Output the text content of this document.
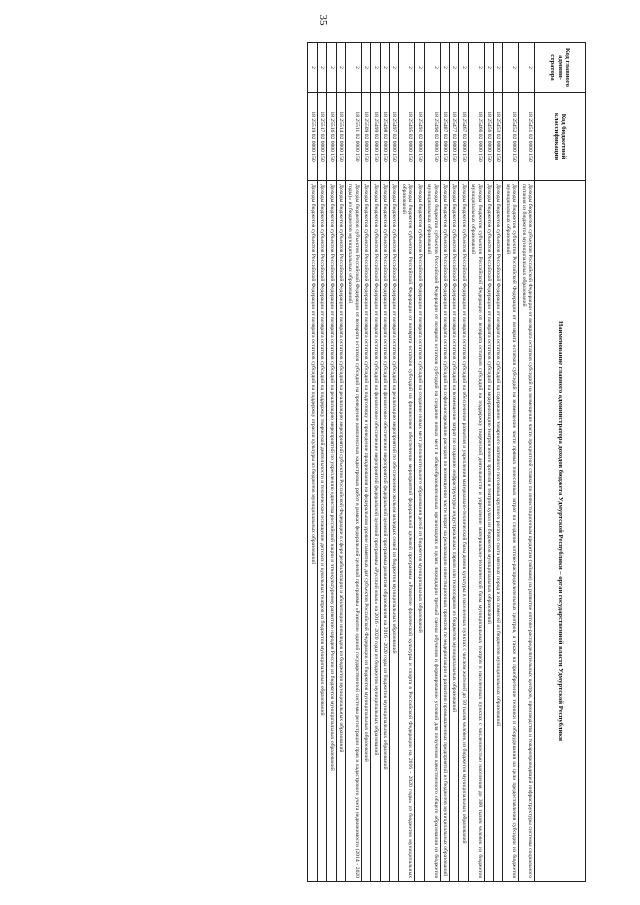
35
Код главного админи-стратора	Код бюджетной классификации	Наименование главного администратора доходов бюджета Удмуртской Республики – орган государственной власти Удмуртской Республики
2	18 25451 02 0000 150	Доходы бюджетов субъектов Российской Федерации от возврата остатков субсидий на возмещение части процентной ставки по инвестиционным кредитам (займам) на развитие оптово-распределительных центров, производства и товаропроводящей инфраструктуры системы социального питания из бюджетов муниципальных образований
2	18 25452 02 0000 150	Доходы бюджетов субъектов Российской Федерации от возврата остатков субсидий на возмещение части прямых понесенных затрат на создание оптово-распределительных центров, а также на приобретение техники и оборудования на цели предоставления субсидии из бюджетов муниципальных образований
2	18 25453 02 0000 150	Доходы бюджетов субъектов Российской Федерации от возврата остатков субсидий на содержание товарного маточного поголовья крупного рогатого скота мясных пород и их помесей из бюджетов муниципальных образований
2	18 25456 02 0000 150	Доходы бюджетов субъектов Российской Федерации от возврата остатков субсидий на модернизацию театров юного зрителя и театров кукол из бюджетов муниципальных образований
2	18 25466 02 0000 150	Доходы бюджетов субъектов Российской Федерации от возврата остатков субсидий на поддержку творческой деятельности и укрепление материально-технической базы муниципальных театров в населенных пунктах с численностью населения до 300 тысяч человек из бюджетов муниципальных образований
2	18 25467 02 0000 150	Доходы бюджетов субъектов Российской Федерации от возврата остатков субсидий на обеспечение развития и укрепления материально-технической базы домов культуры в населенных пунктах с числом жителей до 50 тысяч человек из бюджетов муниципальных образований
2	18 25477 02 0000 150	Доходы бюджетов субъектов Российской Федерации от возврата остатков субсидий на возмещение затрат по созданию инфраструктуры индустриальных парков или технопарков из бюджетов муниципальных образований
2	18 25487 02 0000 150	Доходы бюджетов субъектов Российской Федерации от возврата остатков субсидий на софинансирование расходов по возмещению части затрат на реализацию инвестиционных проектов по модернизации и развитию промышленных предприятий из бюджетов муниципальных образований
2	18 25490 02 0000 150	Доходы бюджетов субъектов Российской Федерации от возврата остатков субсидий на создание новых мест в общеобразовательных организациях в целях ликвидации третьей смены обучения и формирование условий для получения качественного общего образования из бюджетов муниципальных образований
2	18 25491 02 0000 150	Доходы бюджетов субъектов Российской Федерации от возврата остатков субсидий на создание новых мест дополнительного образования детей из бюджетов муниципальных образований
2	18 25495 02 0000 150	Доходы бюджетов субъектов Российской Федерации от возврата остатков субсидий на финансовое обеспечение мероприятий федеральной целевой программы «Развитие физической культуры и спорта в Российской Федерации на 2016 - 2020 годы» из бюджетов муниципальных образований
2	18 25497 02 0000 150	Доходы бюджетов субъектов Российской Федерации от возврата остатков субсидий на реализацию мероприятий по обеспечению жильем молодых семей из бюджетов муниципальных образований
2	18 25498 02 0000 150	Доходы бюджетов субъектов Российской Федерации от возврата остатков субсидий на финансовое обеспечение мероприятий федеральной целевой программы развития образования на 2016 - 2020 годы из бюджетов муниципальных образований
2	18 25499 02 0000 150	Доходы бюджетов субъектов Российской Федерации от возврата остатков субсидий на финансовое обеспечение мероприятий федеральной целевой программы «Русский язык» на 2016 - 2020 годы из бюджетов муниципальных образований
2	18 25509 02 0000 150	Доходы бюджетов субъектов Российской Федерации от возврата остатков субсидий на подготовку и проведение празднования на федеральном уровне памятных дат субъектов Российской Федерации из бюджетов муниципальных образований
2	18 25511 02 0000 150	Доходы бюджетов субъектов Российской Федерации от возврата остатков субсидий на проведение комплексных кадастровых работ в рамках федеральной целевой программы «Развитие единой государственной системы регистрации прав и кадастрового учета недвижимости (2014 - 2020 годы)» из бюджетов муниципальных образований
2	18 25514 02 0000 150	Доходы бюджетов субъектов Российской Федерации от возврата остатков субсидий на реализацию мероприятий субъектов Российской Федерации в сфере реабилитации и абилитации инвалидов из бюджетов муниципальных образований
2	18 25516 02 0000 150	Доходы бюджетов субъектов Российской Федерации от возврата остатков субсидий на реализацию мероприятий по укреплению единства российской нации и этнокультурному развитию народов России из бюджетов муниципальных образований
2	18 25517 02 0000 150	Доходы бюджетов субъектов Российской Федерации от возврата остатков субсидий на поддержку творческой деятельности и техническое оснащение детских и кукольных театров из бюджетов муниципальных образований
2	18 25519 02 0000 150	Доходы бюджетов субъектов Российской Федерации от возврата остатков субсидий на поддержку отрасли культуры из бюджетов муниципальных образований
